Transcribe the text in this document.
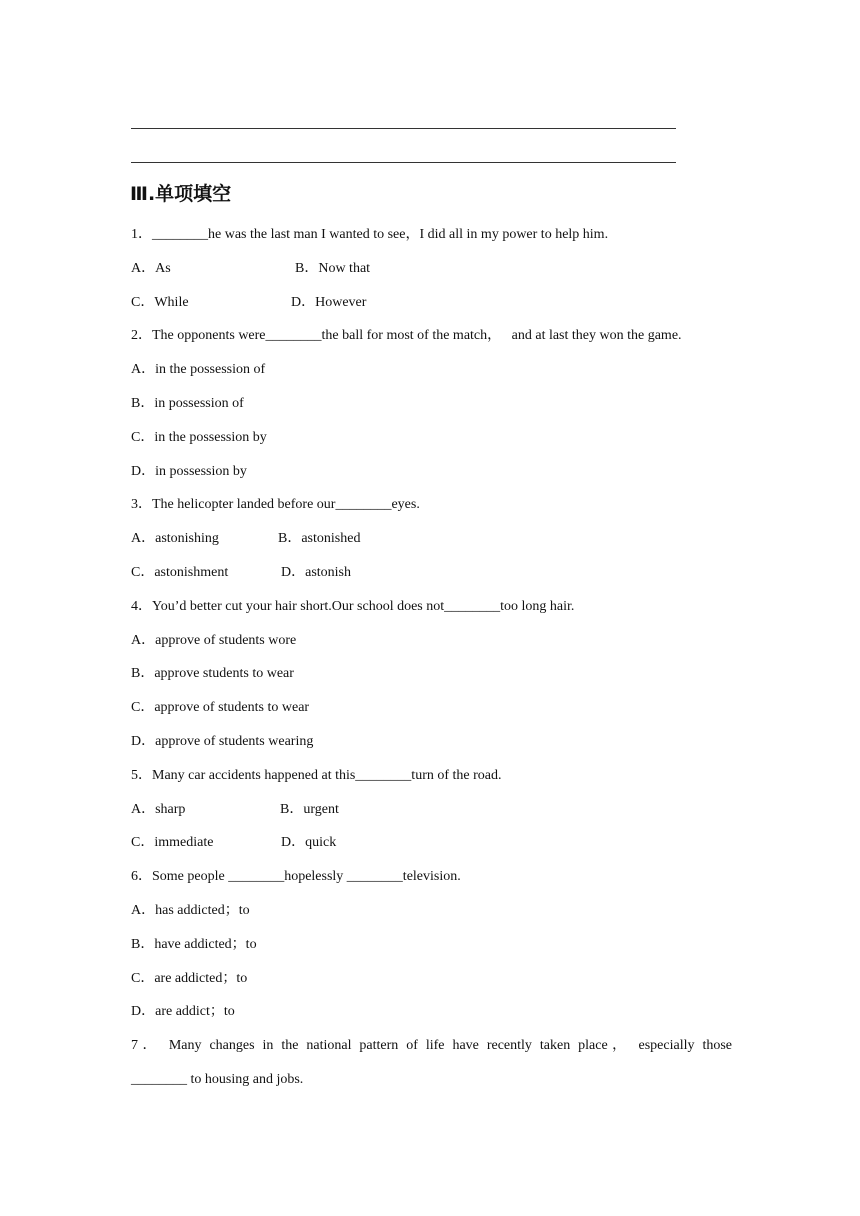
Ⅲ.单项填空
1．________he was the last man I wanted to see，I did all in my power to help him.
A．As	B．Now that
C．While	D．However
2．The opponents were________the ball for most of the match，   and at last they won the game.
A．in the possession of
B．in possession of
C．in the possession by
D．in possession by
3．The helicopter landed before our________eyes.
A．astonishing	B．astonished
C．astonishment	D．astonish
4．You’d better cut your hair short.Our school does not________too long hair.
A．approve of students wore
B．approve students to wear
C．approve of students to wear
D．approve of students wearing
5．Many car accidents happened at this________turn of the road.
A．sharp	B．urgent
C．immediate	D．quick
6．Some people ________hopelessly ________television.
A．has addicted；to
B．have addicted；to
C．are addicted；to
D．are addict；to
7． Many changes in the national pattern of life have recently taken place， especially those
________ to housing and jobs.
